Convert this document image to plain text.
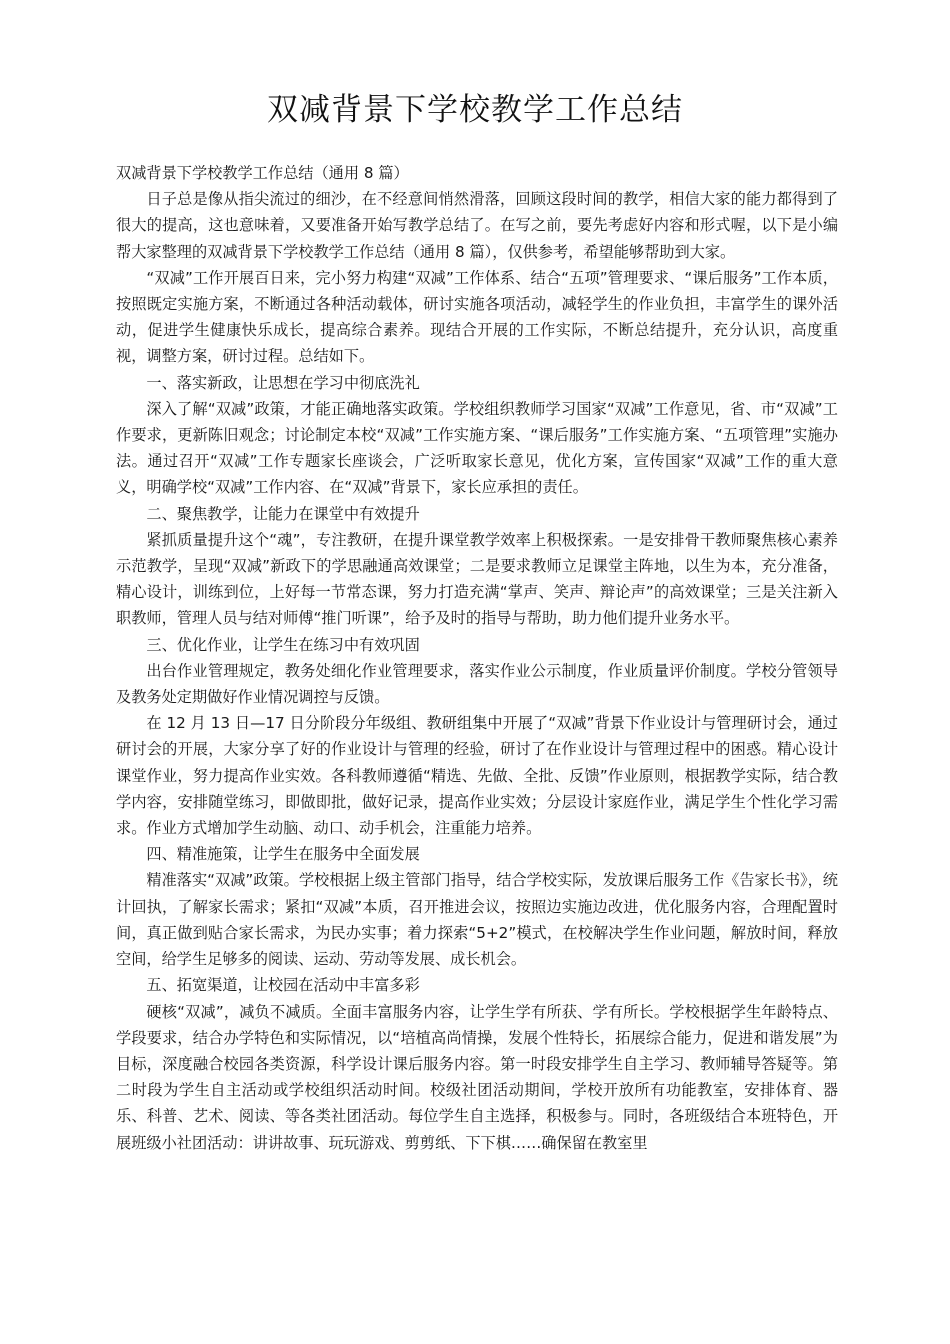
双减背景下学校教学工作总结

双减背景下学校教学工作总结（通用 8 篇）

日子总是像从指尖流过的细沙，在不经意间悄然滑落，回顾这段时间的教学，相信大家的能力都得到了很大的提高，这也意味着，又要准备开始写教学总结了。在写之前，要先考虑好内容和形式喔，以下是小编帮大家整理的双减背景下学校教学工作总结（通用 8 篇），仅供参考，希望能够帮助到大家。

“双减”工作开展百日来，完小努力构建“双减”工作体系、结合“五项”管理要求、“课后服务”工作本质，按照既定实施方案，不断通过各种活动载体，研讨实施各项活动，减轻学生的作业负担，丰富学生的课外活动，促进学生健康快乐成长，提高综合素养。现结合开展的工作实际，不断总结提升，充分认识，高度重视，调整方案，研讨过程。总结如下。

一、落实新政，让思想在学习中彻底洗礼

深入了解“双减”政策，才能正确地落实政策。学校组织教师学习国家“双减”工作意见，省、市“双减”工作要求，更新陈旧观念；讨论制定本校“双减”工作实施方案、“课后服务”工作实施方案、“五项管理”实施办法。通过召开“双减”工作专题家长座谈会，广泛听取家长意见，优化方案，宣传国家“双减”工作的重大意义，明确学校“双减”工作内容、在“双减”背景下，家长应承担的责任。

二、聚焦教学，让能力在课堂中有效提升

紧抓质量提升这个“魂”，专注教研，在提升课堂教学效率上积极探索。一是安排骨干教师聚焦核心素养示范教学，呈现“双减”新政下的学思融通高效课堂；二是要求教师立足课堂主阵地，以生为本，充分准备，精心设计，训练到位，上好每一节常态课，努力打造充满“掌声、笑声、辩论声”的高效课堂；三是关注新入职教师，管理人员与结对师傅“推门听课”，给予及时的指导与帮助，助力他们提升业务水平。

三、优化作业，让学生在练习中有效巩固

出台作业管理规定，教务处细化作业管理要求，落实作业公示制度，作业质量评价制度。学校分管领导及教务处定期做好作业情况调控与反馈。

在 12 月 13 日—17 日分阶段分年级组、教研组集中开展了“双减”背景下作业设计与管理研讨会，通过研讨会的开展，大家分享了好的作业设计与管理的经验，研讨了在作业设计与管理过程中的困惑。精心设计课堂作业，努力提高作业实效。各科教师遵循“精选、先做、全批、反馈”作业原则，根据教学实际，结合教学内容，安排随堂练习，即做即批，做好记录，提高作业实效；分层设计家庭作业，满足学生个性化学习需求。作业方式增加学生动脑、动口、动手机会，注重能力培养。

四、精准施策，让学生在服务中全面发展

精准落实“双减”政策。学校根据上级主管部门指导，结合学校实际，发放课后服务工作《告家长书》，统计回执，了解家长需求；紧扣“双减”本质，召开推进会议，按照边实施边改进，优化服务内容，合理配置时间，真正做到贴合家长需求，为民办实事；着力探索“5+2”模式，在校解决学生作业问题，解放时间，释放空间，给学生足够多的阅读、运动、劳动等发展、成长机会。

五、拓宽渠道，让校园在活动中丰富多彩

硬核“双减”，减负不减质。全面丰富服务内容，让学生学有所获、学有所长。学校根据学生年龄特点、学段要求，结合办学特色和实际情况，以“培植高尚情操，发展个性特长，拓展综合能力，促进和谐发展”为目标，深度融合校园各类资源，科学设计课后服务内容。第一时段安排学生自主学习、教师辅导答疑等。第二时段为学生自主活动或学校组织活动时间。校级社团活动期间，学校开放所有功能教室，安排体育、器乐、科普、艺术、阅读、等各类社团活动。每位学生自主选择，积极参与。同时，各班级结合本班特色，开展班级小社团活动：讲讲故事、玩玩游戏、剪剪纸、下下棋……确保留在教室里
